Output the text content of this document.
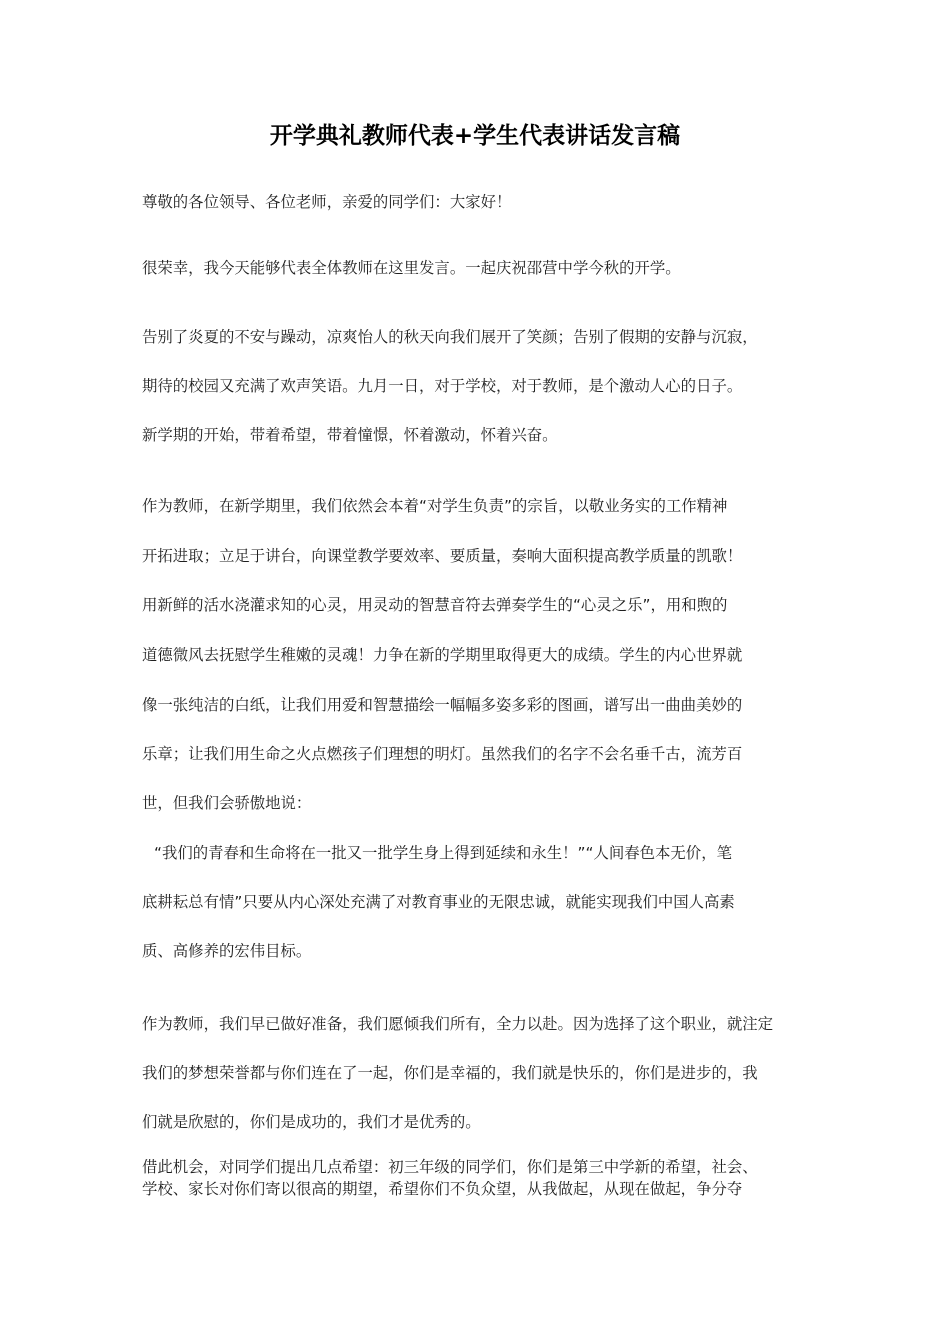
开学典礼教师代表+学生代表讲话发言稿
尊敬的各位领导、各位老师，亲爱的同学们：大家好！
很荣幸，我今天能够代表全体教师在这里发言。一起庆祝邵营中学今秋的开学。
告别了炎夏的不安与躁动，凉爽怡人的秋天向我们展开了笑颜；告别了假期的安静与沉寂，
期待的校园又充满了欢声笑语。九月一日，对于学校，对于教师，是个激动人心的日子。
新学期的开始，带着希望，带着憧憬，怀着激动，怀着兴奋。
作为教师，在新学期里，我们依然会本着“对学生负责”的宗旨，以敬业务实的工作精神
开拓进取；立足于讲台，向课堂教学要效率、要质量，奏响大面积提高教学质量的凯歌！
用新鲜的活水浇灌求知的心灵，用灵动的智慧音符去弹奏学生的“心灵之乐”，用和煦的
道德微风去抚慰学生稚嫩的灵魂！力争在新的学期里取得更大的成绩。学生的内心世界就
像一张纯洁的白纸，让我们用爱和智慧描绘一幅幅多姿多彩的图画，谱写出一曲曲美妙的
乐章；让我们用生命之火点燃孩子们理想的明灯。虽然我们的名字不会名垂千古，流芳百
世，但我们会骄傲地说：
“我们的青春和生命将在一批又一批学生身上得到延续和永生！”“人间春色本无价，笔
底耕耘总有情”只要从内心深处充满了对教育事业的无限忠诚，就能实现我们中国人高素
质、高修养的宏伟目标。
作为教师，我们早已做好准备，我们愿倾我们所有，全力以赴。因为选择了这个职业，就注定
我们的梦想荣誉都与你们连在了一起，你们是幸福的，我们就是快乐的，你们是进步的，我
们就是欣慰的，你们是成功的，我们才是优秀的。
借此机会，对同学们提出几点希望：初三年级的同学们，你们是第三中学新的希望，社会、
学校、家长对你们寄以很高的期望，希望你们不负众望，从我做起，从现在做起，争分夺
